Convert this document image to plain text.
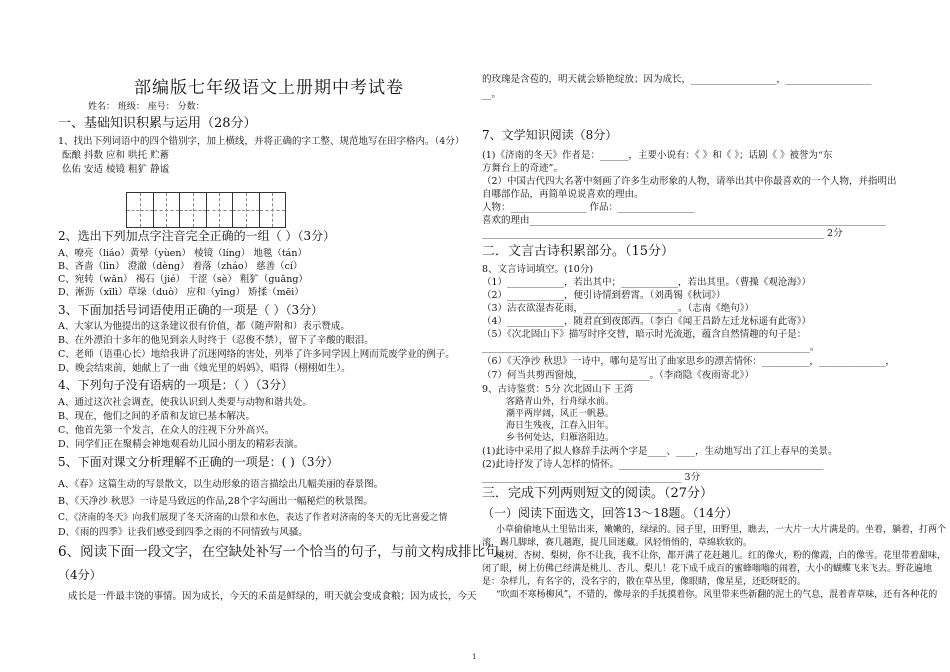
部编版七年级语文上册期中考试卷
姓名： 班级： 座号： 分数：
一、基础知识积累与运用（28分）
1、找出下列词语中的四个错别字，加上横线，并将正确的字工整、规范地写在田字格内。（4分）
酝酿 抖数 应和 哄托 贮蓄
仫佑 安适 棱镜 粗犷 静谧
2、选出下列加点字注音完全正确的一组（ ）（3分）
A、嘹亮（liáo）黄晕（yùen） 棱镜（líng） 地毯（tán）
B、吝啬（lìn） 澄澈（dèng） 着落（zháo） 慈善（cí）
C、宛转（wǎn） 褐石（jié） 干涩（sè） 粗犷（guǎng）
D、淅沥（xīlì）草垛（duò） 应和（yīng） 矫揉（mēi）
3、下面加括号词语使用正确的一项是（ ）（3分）
A、大家认为他提出的这条建议很有价值，都（随声附和）表示赞成。
B、在外漂泊十多年的他见到亲人时终于（忍俊不禁），留下了辛酸的眼泪。
C、老师（语重心长）地给我讲了沉迷网络的害处，列举了许多同学因上网而荒废学业的例子。
D、晚会结束前，她献上了一曲《烛光里的妈妈》，唱得（栩栩如生）。
4、下列句子没有语病的一项是：（ ）（3分）
A、通过这次社会调查，使我认识到人类要与动物和谐共处。
B、现在，他们之间的矛盾和友谊已基本解决。
C、他首先第一个发言，在众人的注视下分外高兴。
D、同学们正在聚精会神地观看幼儿园小朋友的精彩表演。
5、下面对课文分析理解不正确的一项是：( )（3分）
A、《春》这篇生动的写景散文，以生动形象的语言描绘出几幅美丽的春景图。
B、《天净沙 秋思》一诗是马致远的作品,28个字勾画出一幅秘烂的秋景图。
C、《济南的冬天》向我们展现了冬天济南的山景和水色，表达了作者对济南的冬天的无比喜爱之情
D、《雨的四季》让我们感受到四季之雨的不同情致与风骚。
6、阅读下面一段文字，在空缺处补写一个恰当的句子，与前文构成排比句。
（4分）
成长是一件最丰饶的事情。因为成长，今天的禾苗是鲜绿的，明天就会变成食粮；因为成长，今天
的玫瑰是含苞的，明天就会娇艳绽放；因为成长，__________________，__________________
__。
7、文学知识阅读（8分）
(1)《济南的冬天》作者是：______，主要小说有：《 》和《 》；话剧《 》被誉为“东
方舞台上的奇迹”。
（2）中国古代四大名著中刻画了许多生动形象的人物，请举出其中你最喜欢的一个人物，并指明出
自哪部作品，再简单说说喜欢的理由。
人物：________________ 作品：________________
喜欢的理由___________________________________________________________________________
________________________________________________________________________ 2分
二．文言古诗积累部分。（15分）
8、文言诗词填空。(10分)
（1）____________，若出其中；____________，若出其里。（曹操《观沧海》）
（2）____________，便引诗情到碧霄。（刘禹锡《秋词》）
（3）沾衣欲湿杏花雨，____________________。（志南《绝句》）
（4）____________，随君直到夜郎西。（李白《闻王昌龄左迁龙标遥有此寄》）
（5）《次北固山下》描写时序交替，暗示时光流逝，蕴含自然情趣的句子是：
_____________________________________________________________________。
（6）《天净沙 秋思》一诗中，哪句是写出了曲家思乡的漂苦情怀：__________，______________，
（7）何当共剪西窗烛，______________。（李商隐《夜雨寄北》）
9、古诗鉴赏：5分 次北固山下 王湾
客路青山外，行舟绿水前。
潮平两岸阔，风正一帆悬。
海日生残夜，江春入旧年。
乡书何处达，归雁洛阳边。
(1)此诗中采用了拟人修辞手法两个字是____、____，生动地写出了江上春早的美景。
(2)此诗抒发了诗人怎样的情怀。___________________________________________
__________________________________________ 3分
三．完成下列两则短文的阅读。（27分）
（一）阅读下面选文，回答13～18题。（14分）
小草偷偷地从土里钻出来，嫩嫩的，绿绿的。园子里，田野里，瞧去，一大片一大片满是的。坐着，躺着，打两个
滚，踢几脚球，赛几趟跑，捉几回迷藏。风轻悄悄的，草绵软软的。
桃树、杏树、梨树，你不让我，我不让你，都开满了花赶趟儿。红的像火，粉的像霞，白的像雪。花里带着甜味，
闭了眼，树上仿佛已经满是桃儿、杏儿、梨儿！花下成千成百的蜜蜂嗡嗡的闹着，大小的蝴蝶飞来飞去。野花遍地
是：杂样儿，有名字的，没名字的，散在草丛里，像眼睛，像星星，还眨呀眨的。
“吹面不寒杨柳风”，不错的，像母亲的手抚摸着你。风里带来些新翻的泥土的气息，混着青草味，还有各种花的
1
